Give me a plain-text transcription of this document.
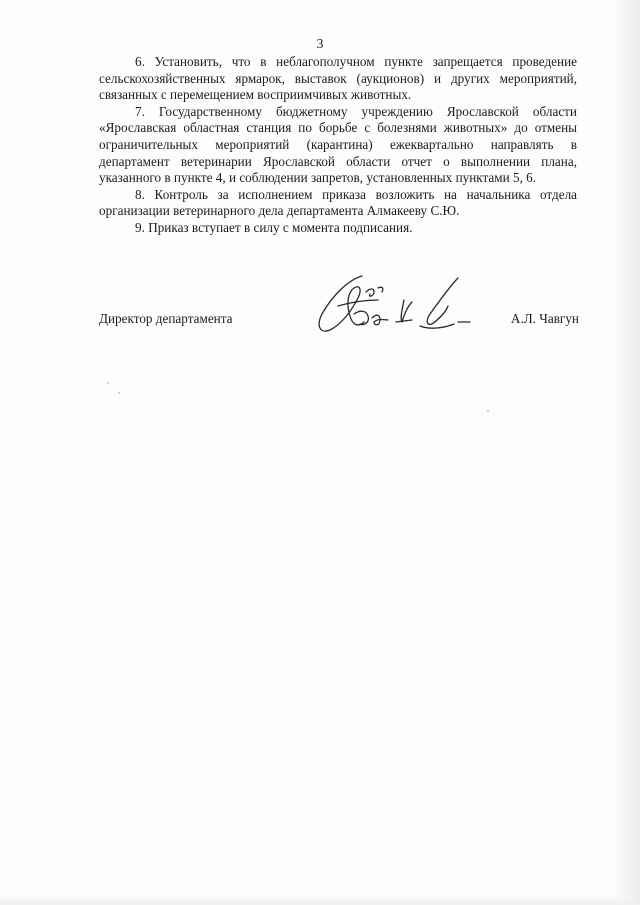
3

6. Установить, что в неблагополучном пункте запрещается проведение сельскохозяйственных ярмарок, выставок (аукционов) и других мероприятий, связанных с перемещением восприимчивых животных.

7. Государственному бюджетному учреждению Ярославской области «Ярославская областная станция по борьбе с болезнями животных» до отмены ограничительных мероприятий (карантина) ежеквартально направлять в департамент ветеринарии Ярославской области отчет о выполнении плана, указанного в пункте 4, и соблюдении запретов, установленных пунктами 5, 6.

8. Контроль за исполнением приказа возложить на начальника отдела организации ветеринарного дела департамента Алмакееву С.Ю.

9. Приказ вступает в силу с момента подписания.

Директор департамента	А.Л. Чавгун
